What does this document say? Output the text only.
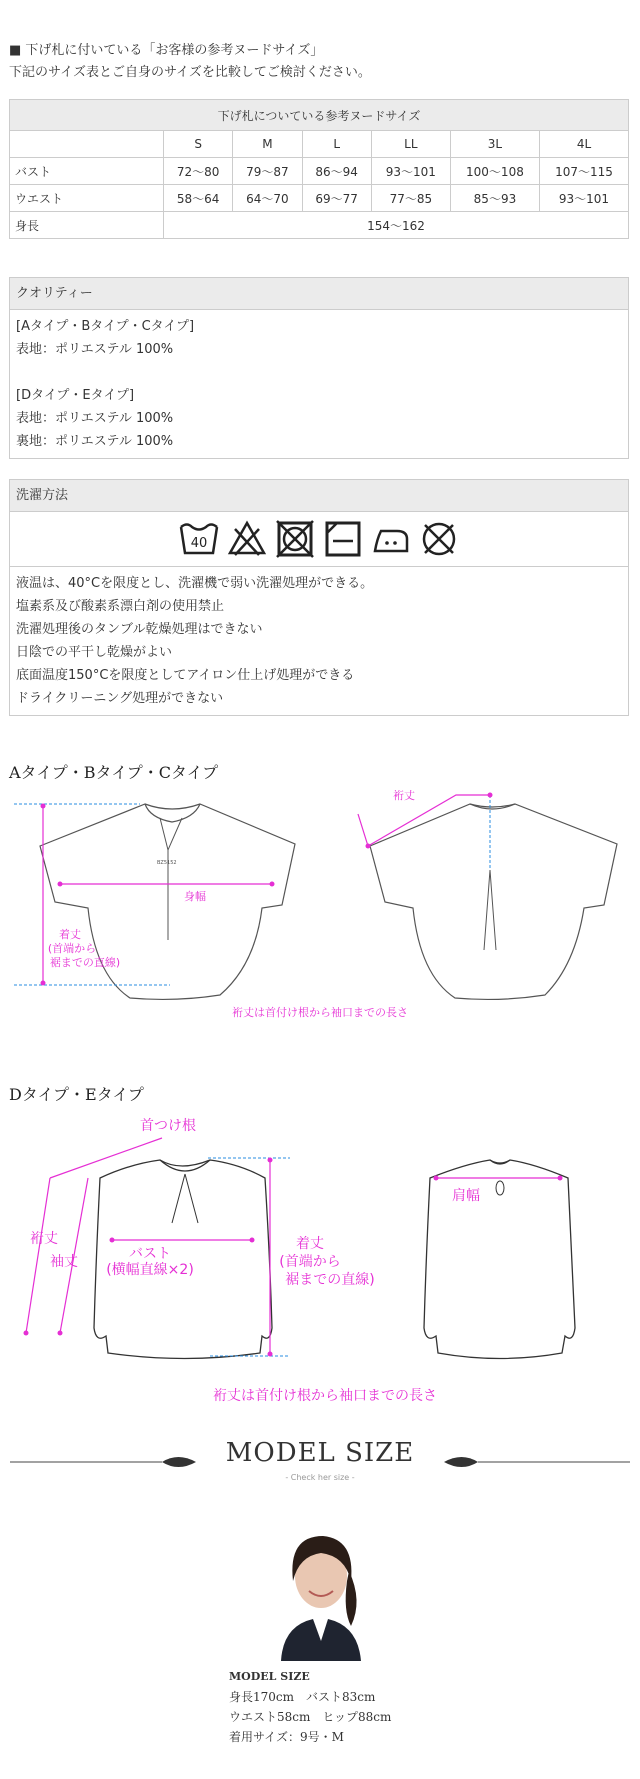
■ 下げ札に付いている「お客様の参考ヌードサイズ」
下記のサイズ表とご自身のサイズを比較してご検討ください。
下げ札についている参考ヌードサイズ						
	S	M	L	LL	3L	4L
バスト	72〜80	79〜87	86〜94	93〜101	100〜108	107〜115
ウエスト	58〜64	64〜70	69〜77	77〜85	85〜93	93〜101
身長	154〜162					
クオリティー
[Aタイプ・Bタイプ・Cタイプ]
表地：ポリエステル 100%
[Dタイプ・Eタイプ]
表地：ポリエステル 100%
裏地：ポリエステル 100%
洗濯方法
40
液温は、40°Cを限度とし、洗濯機で弱い洗濯処理ができる。
塩素系及び酸素系漂白剤の使用禁止
洗濯処理後のタンブル乾燥処理はできない
日陰での平干し乾燥がよい
底面温度150°Cを限度としてアイロン仕上げ処理ができる
ドライクリーニング処理ができない
Aタイプ・Bタイプ・Cタイプ
BZ5152
身幅
着丈
(首端から
裾までの直線)
裄丈
裄丈は首付け根から袖口までの長さ
Dタイプ・Eタイプ
首つけ根
裄丈
袖丈	バスト
(横幅直線×2)
着丈
(首端から
裾までの直線)
肩幅
裄丈は首付け根から袖口までの長さ
MODEL SIZE
- Check her size -
MODEL SIZE
身長170cm　バスト83cm
ウエスト58cm　ヒップ88cm
着用サイズ：9号・M
